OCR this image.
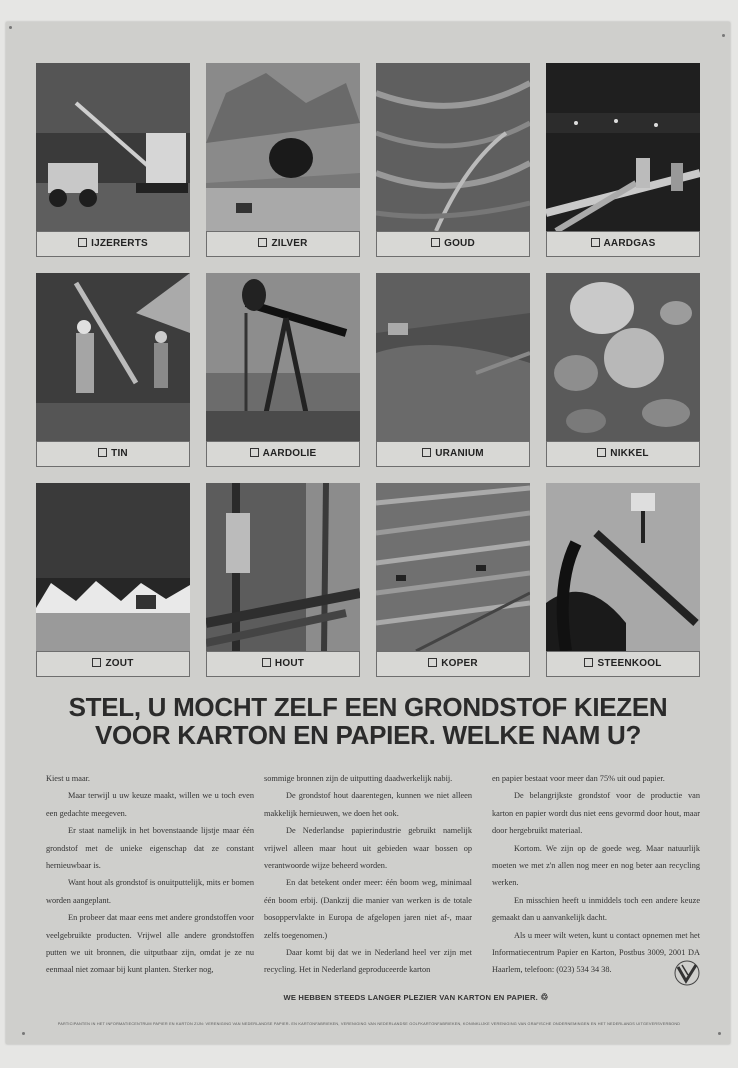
IJZERERTS	ZILVER	GOUD	AARDGAS
TIN	AARDOLIE	URANIUM	NIKKEL
ZOUT	HOUT	KOPER	STEENKOOL
STEL, U MOCHT ZELF EEN GRONDSTOF KIEZEN
VOOR KARTON EN PAPIER. WELKE NAM U?

Kiest u maar.

Maar terwijl u uw keuze maakt, willen we u toch even een gedachte meegeven.

Er staat namelijk in het bovenstaande lijstje maar één grondstof met de unieke eigenschap dat ze constant hernieuwbaar is.

Want hout als grondstof is onuitputtelijk, mits er bomen worden aangeplant.

En probeer dat maar eens met andere grondstoffen voor veelgebruikte producten. Vrijwel alle andere grondstoffen putten we uit bronnen, die uitputbaar zijn, omdat je ze nu eenmaal niet zomaar bij kunt planten. Sterker nog,

sommige bronnen zijn de uitputting daadwerkelijk nabij.

De grondstof hout daarentegen, kunnen we niet alleen makkelijk hernieuwen, we doen het ook.

De Nederlandse papierindustrie gebruikt namelijk vrijwel alleen maar hout uit gebieden waar bossen op verantwoorde wijze beheerd worden.

En dat betekent onder meer: één boom weg, minimaal één boom erbij. (Dankzij die manier van werken is de totale bosoppervlakte in Europa de afgelopen jaren niet af-, maar zelfs toegenomen.)

Daar komt bij dat we in Nederland heel ver zijn met recycling. Het in Nederland geproduceerde karton

en papier bestaat voor meer dan 75% uit oud papier.

De belangrijkste grondstof voor de productie van karton en papier wordt dus niet eens gevormd door hout, maar door hergebruikt materiaal.

Kortom. We zijn op de goede weg. Maar natuurlijk moeten we met z'n allen nog meer en nog beter aan recycling werken.

En misschien heeft u inmiddels toch een andere keuze gemaakt dan u aanvankelijk dacht.

Als u meer wilt weten, kunt u contact opnemen met het Informatiecentrum Papier en Karton, Postbus 3009, 2001 DA Haarlem, telefoon: (023) 534 34 38.

WE HEBBEN STEEDS LANGER PLEZIER VAN KARTON EN PAPIER. ♲
PARTICIPANTEN IN HET INFORMATIECENTRUM PAPIER EN KARTON ZIJN: VERENIGING VAN NEDERLANDSE PAPIER- EN KARTONFABRIEKEN, VERENIGING VAN NEDERLANDSE GOLFKARTONFABRIEKEN, KONINKLIJKE VERENIGING VAN GRAFISCHE ONDERNEMINGEN EN HET NEDERLANDS UITGEVERSVERBOND
